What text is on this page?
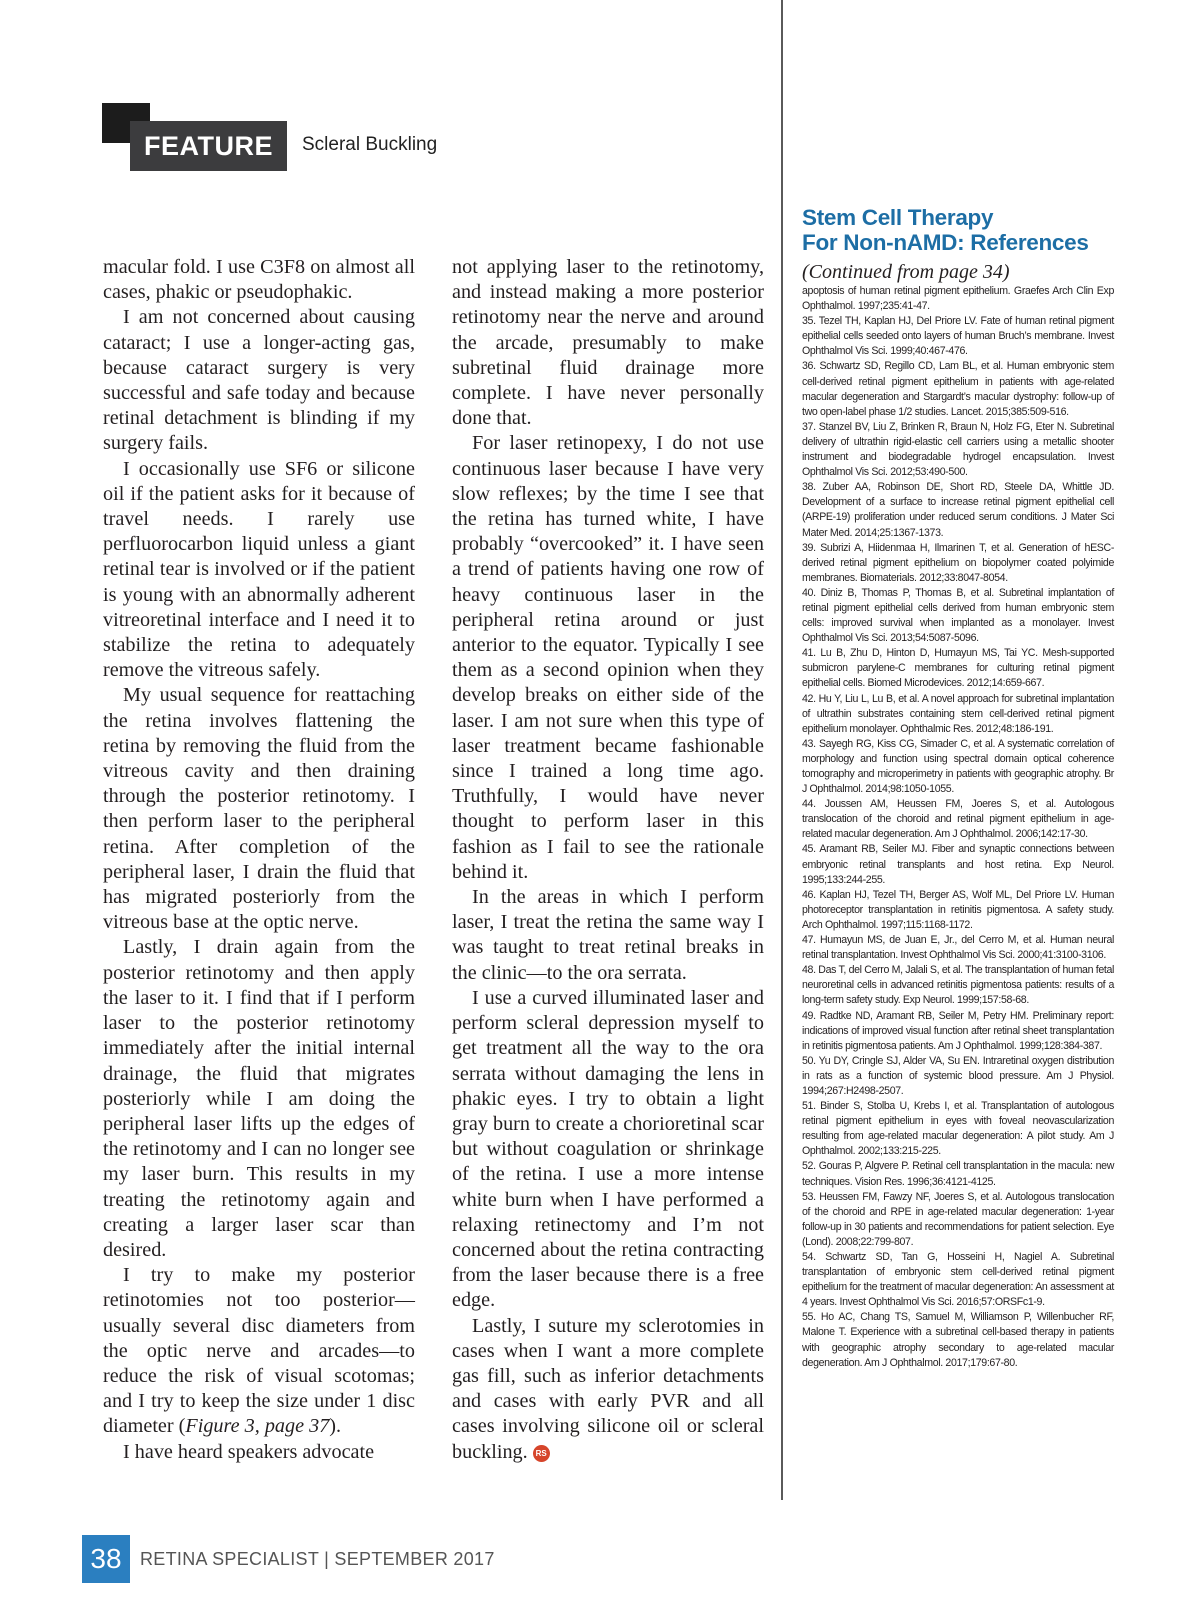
FEATURE	Scleral Buckling

macular fold. I use C3F8 on almost all cases, phakic or pseudophakic.

I am not concerned about causing cataract; I use a longer-acting gas, because cataract surgery is very successful and safe today and because retinal detachment is blinding if my surgery fails.

I occasionally use SF6 or silicone oil if the patient asks for it because of travel needs. I rarely use perfluorocarbon liquid unless a giant retinal tear is involved or if the patient is young with an abnormally adherent vitreoretinal interface and I need it to stabilize the retina to adequately remove the vitreous safely.

My usual sequence for reattaching the retina involves flattening the retina by removing the fluid from the vitreous cavity and then draining through the posterior retinotomy. I then perform laser to the peripheral retina. After completion of the peripheral laser, I drain the fluid that has migrated posteriorly from the vitreous base at the optic nerve.

Lastly, I drain again from the posterior retinotomy and then apply the laser to it. I find that if I perform laser to the posterior retinotomy immediately after the initial internal drainage, the fluid that migrates posteriorly while I am doing the peripheral laser lifts up the edges of the retinotomy and I can no longer see my laser burn. This results in my treating the retinotomy again and creating a larger laser scar than desired.

I try to make my posterior retinotomies not too posterior—usually several disc diameters from the optic nerve and arcades—to reduce the risk of visual scotomas; and I try to keep the size under 1 disc diameter (Figure 3, page 37).

I have heard speakers advocate

not applying laser to the retinotomy, and instead making a more posterior retinotomy near the nerve and around the arcade, presumably to make subretinal fluid drainage more complete. I have never personally done that.

For laser retinopexy, I do not use continuous laser because I have very slow reflexes; by the time I see that the retina has turned white, I have probably “overcooked” it. I have seen a trend of patients having one row of heavy continuous laser in the peripheral retina around or just anterior to the equator. Typically I see them as a second opinion when they develop breaks on either side of the laser. I am not sure when this type of laser treatment became fashionable since I trained a long time ago. Truthfully, I would have never thought to perform laser in this fashion as I fail to see the rationale behind it.

In the areas in which I perform laser, I treat the retina the same way I was taught to treat retinal breaks in the clinic—to the ora serrata.

I use a curved illuminated laser and perform scleral depression myself to get treatment all the way to the ora serrata without damaging the lens in phakic eyes. I try to obtain a light gray burn to create a chorioretinal scar but without coagulation or shrinkage of the retina. I use a more intense white burn when I have performed a relaxing retinectomy and I’m not concerned about the retina contracting from the laser because there is a free edge.

Lastly, I suture my sclerotomies in cases when I want a more complete gas fill, such as inferior detachments and cases with early PVR and all cases involving silicone oil or scleral buckling. RS

Stem Cell Therapy
For Non-nAMD: References
(Continued from page 34)

apoptosis of human retinal pigment epithelium. Graefes Arch Clin Exp Ophthalmol. 1997;235:41-47.

35. Tezel TH, Kaplan HJ, Del Priore LV. Fate of human retinal pigment epithelial cells seeded onto layers of human Bruch’s membrane. Invest Ophthalmol Vis Sci. 1999;40:467-476.

36. Schwartz SD, Regillo CD, Lam BL, et al. Human embryonic stem cell-derived retinal pigment epithelium in patients with age-related macular degeneration and Stargardt’s macular dystrophy: follow-up of two open-label phase 1/2 studies. Lancet. 2015;385:509-516.

37. Stanzel BV, Liu Z, Brinken R, Braun N, Holz FG, Eter N. Subretinal delivery of ultrathin rigid-elastic cell carriers using a metallic shooter instrument and biodegradable hydrogel encapsulation. Invest Ophthalmol Vis Sci. 2012;53:490-500.

38. Zuber AA, Robinson DE, Short RD, Steele DA, Whittle JD. Development of a surface to increase retinal pigment epithelial cell (ARPE-19) proliferation under reduced serum conditions. J Mater Sci Mater Med. 2014;25:1367-1373.

39. Subrizi A, Hiidenmaa H, Ilmarinen T, et al. Generation of hESC-derived retinal pigment epithelium on biopolymer coated polyimide membranes. Biomaterials. 2012;33:8047-8054.

40. Diniz B, Thomas P, Thomas B, et al. Subretinal implantation of retinal pigment epithelial cells derived from human embryonic stem cells: improved survival when implanted as a monolayer. Invest Ophthalmol Vis Sci. 2013;54:5087-5096.

41. Lu B, Zhu D, Hinton D, Humayun MS, Tai YC. Mesh-supported submicron parylene-C membranes for culturing retinal pigment epithelial cells. Biomed Microdevices. 2012;14:659-667.

42. Hu Y, Liu L, Lu B, et al. A novel approach for subretinal implantation of ultrathin substrates containing stem cell-derived retinal pigment epithelium monolayer. Ophthalmic Res. 2012;48:186-191.

43. Sayegh RG, Kiss CG, Simader C, et al. A systematic correlation of morphology and function using spectral domain optical coherence tomography and microperimetry in patients with geographic atrophy. Br J Ophthalmol. 2014;98:1050-1055.

44. Joussen AM, Heussen FM, Joeres S, et al. Autologous translocation of the choroid and retinal pigment epithelium in age-related macular degeneration. Am J Ophthalmol. 2006;142:17-30.

45. Aramant RB, Seiler MJ. Fiber and synaptic connections between embryonic retinal transplants and host retina. Exp Neurol. 1995;133:244-255.

46. Kaplan HJ, Tezel TH, Berger AS, Wolf ML, Del Priore LV. Human photoreceptor transplantation in retinitis pigmentosa. A safety study. Arch Ophthalmol. 1997;115:1168-1172.

47. Humayun MS, de Juan E, Jr., del Cerro M, et al. Human neural retinal transplantation. Invest Ophthalmol Vis Sci. 2000;41:3100-3106.

48. Das T, del Cerro M, Jalali S, et al. The transplantation of human fetal neuroretinal cells in advanced retinitis pigmentosa patients: results of a long-term safety study. Exp Neurol. 1999;157:58-68.

49. Radtke ND, Aramant RB, Seiler M, Petry HM. Preliminary report: indications of improved visual function after retinal sheet transplantation in retinitis pigmentosa patients. Am J Ophthalmol. 1999;128:384-387.

50. Yu DY, Cringle SJ, Alder VA, Su EN. Intraretinal oxygen distribution in rats as a function of systemic blood pressure. Am J Physiol. 1994;267:H2498-2507.

51. Binder S, Stolba U, Krebs I, et al. Transplantation of autologous retinal pigment epithelium in eyes with foveal neovascularization resulting from age-related macular degeneration: A pilot study. Am J Ophthalmol. 2002;133:215-225.

52. Gouras P, Algvere P. Retinal cell transplantation in the macula: new techniques. Vision Res. 1996;36:4121-4125.

53. Heussen FM, Fawzy NF, Joeres S, et al. Autologous translocation of the choroid and RPE in age-related macular degeneration: 1-year follow-up in 30 patients and recommendations for patient selection. Eye (Lond). 2008;22:799-807.

54. Schwartz SD, Tan G, Hosseini H, Nagiel A. Subretinal transplantation of embryonic stem cell-derived retinal pigment epithelium for the treatment of macular degeneration: An assessment at 4 years. Invest Ophthalmol Vis Sci. 2016;57:ORSFc1-9.

55. Ho AC, Chang TS, Samuel M, Williamson P, Willenbucher RF, Malone T. Experience with a subretinal cell-based therapy in patients with geographic atrophy secondary to age-related macular degeneration. Am J Ophthalmol. 2017;179:67-80.

38	RETINA SPECIALIST | SEPTEMBER 2017
